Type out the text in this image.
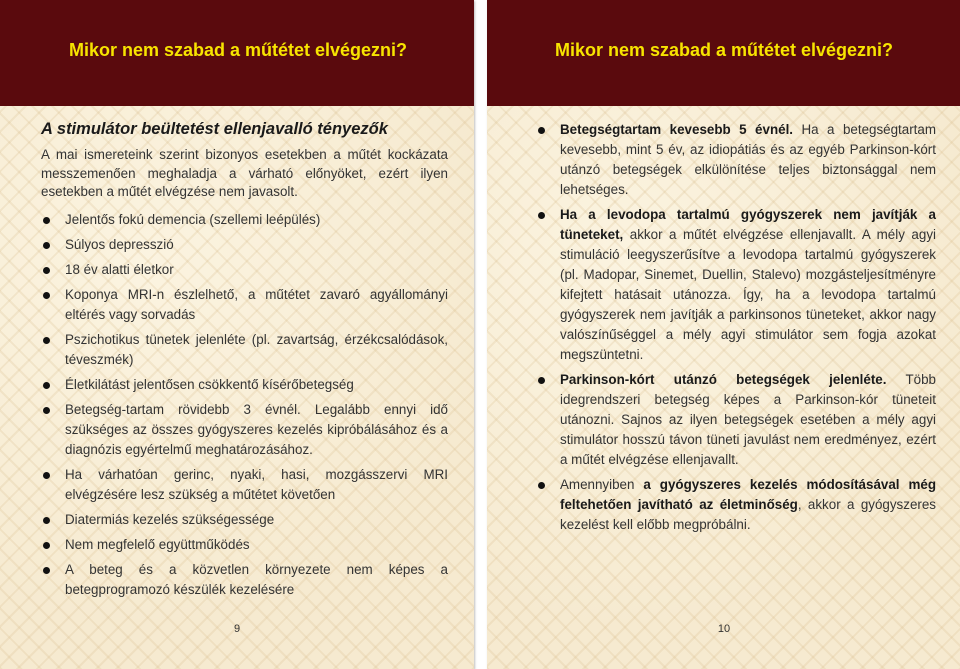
Mikor nem szabad a műtétet elvégezni?
A stimulátor beültetést ellenjavalló tényezők

A mai ismereteink szerint bizonyos esetekben a műtét kockázata messzemenően meghaladja a várható előnyöket, ezért ilyen esetekben a műtét elvégzése nem javasolt.

Jelentős fokú demencia (szellemi leépülés)
Súlyos depresszió
18 év alatti életkor
Koponya MRI-n észlelhető, a műtétet zavaró agyállományi eltérés vagy sorvadás
Pszichotikus tünetek jelenléte (pl. zavartság, érzékcsalódások, téveszmék)
Életkilátást jelentősen csökkentő kísérőbetegség
Betegség-tartam rövidebb 3 évnél. Legalább ennyi idő szükséges az összes gyógyszeres kezelés kipróbálásához és a diagnózis egyértelmű meghatározásához.
Ha várhatóan gerinc, nyaki, hasi, mozgásszervi MRI elvégzésére lesz szükség a műtétet követően
Diatermiás kezelés szükségessége
Nem megfelelő együttműködés
A beteg és a közvetlen környezete nem képes a betegprogramozó készülék kezelésére
9
Mikor nem szabad a műtétet elvégezni?
Betegségtartam kevesebb 5 évnél. Ha a betegségtartam kevesebb, mint 5 év, az idiopátiás és az egyéb Parkinson-kórt utánzó betegségek elkülönítése teljes biztonsággal nem lehetséges.
Ha a levodopa tartalmú gyógyszerek nem javítják a tüneteket, akkor a műtét elvégzése ellenjavallt. A mély agyi stimuláció leegyszerűsítve a levodopa tartalmú gyógyszerek (pl. Madopar, Sinemet, Duellin, Stalevo) mozgásteljesítményre kifejtett hatásait utánozza. Így, ha a levodopa tartalmú gyógyszerek nem javítják a parkinsonos tüneteket, akkor nagy valószínűséggel a mély agyi stimulátor sem fogja azokat megszüntetni.
Parkinson-kórt utánzó betegségek jelenléte. Több idegrendszeri betegség képes a Parkinson-kór tüneteit utánozni. Sajnos az ilyen betegségek esetében a mély agyi stimulátor hosszú távon tüneti javulást nem eredményez, ezért a műtét elvégzése ellenjavallt.
Amennyiben a gyógyszeres kezelés módosításával még feltehetően javítható az életminőség, akkor a gyógyszeres kezelést kell előbb megpróbálni.
10
